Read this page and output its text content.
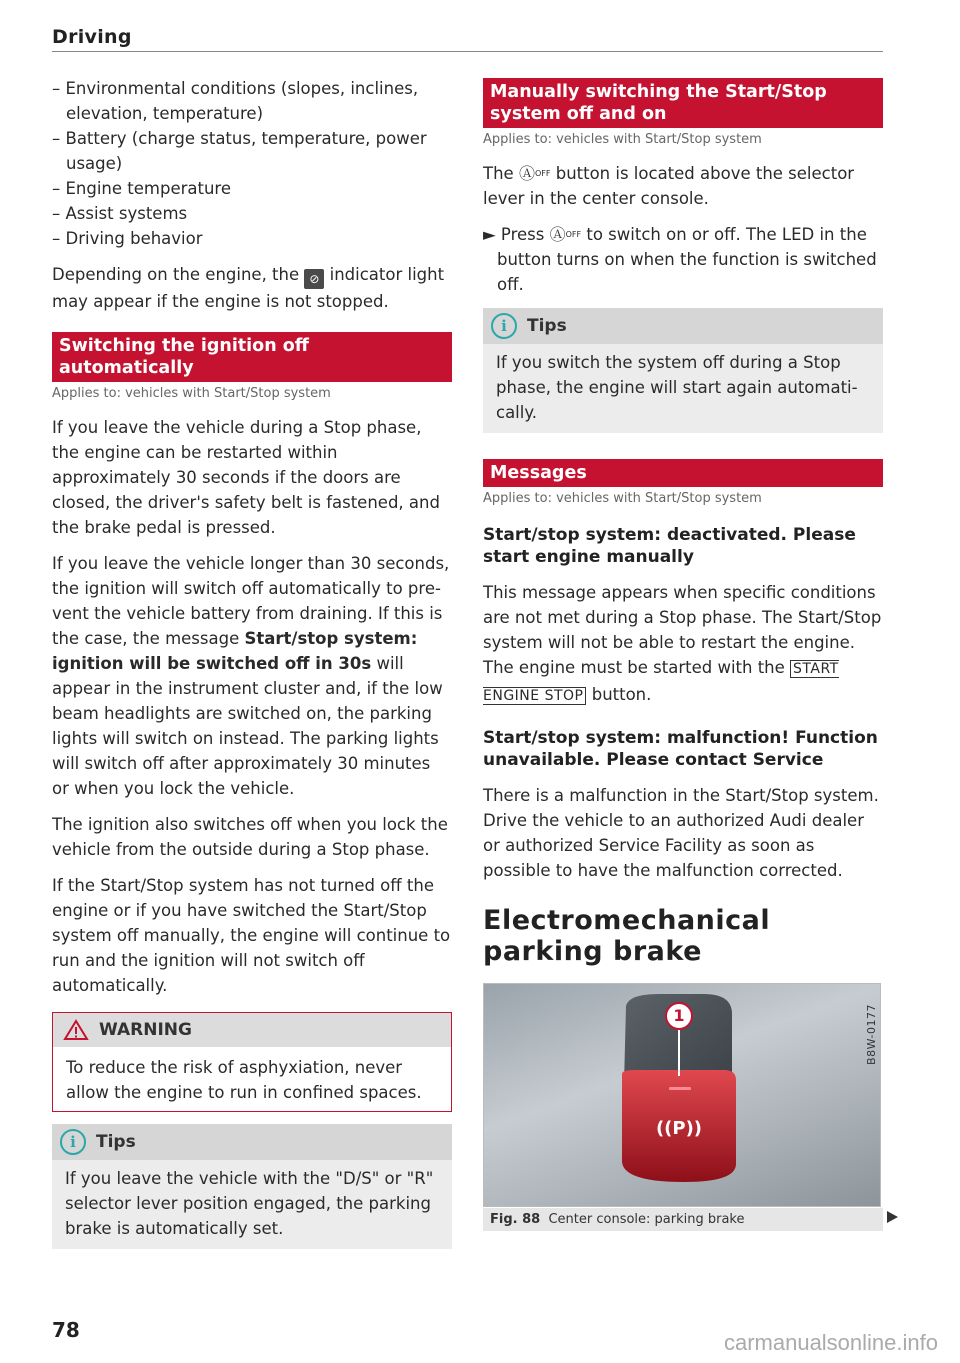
Driving
– Environmental conditions (slopes, inclines, elevation, temperature)
– Battery (charge status, temperature, power usage)
– Engine temperature
– Assist systems
– Driving behavior

Depending on the engine, the ⊘ indicator light may appear if the engine is not stopped.

Switching the ignition off automatically
Applies to: vehicles with Start/Stop system

If you leave the vehicle during a Stop phase, the engine can be restarted within approximately 30 seconds if the doors are closed, the driver's safety belt is fastened, and the brake pedal is pressed.

If you leave the vehicle longer than 30 seconds, the ignition will switch off automatically to prevent the vehicle battery from draining. If this is the case, the message Start/stop system: ignition will be switched off in 30s will appear in the instrument cluster and, if the low beam headlights are switched on, the parking lights will switch on instead. The parking lights will switch off after approximately 30 minutes or when you lock the vehicle.

The ignition also switches off when you lock the vehicle from the outside during a Stop phase.

If the Start/Stop system has not turned off the engine or if you have switched the Start/Stop system off manually, the engine will continue to run and the ignition will not switch off automatically.

WARNING
To reduce the risk of asphyxiation, never allow the engine to run in confined spaces.
i	Tips
If you leave the vehicle with the "D/S" or "R" selector lever position engaged, the parking brake is automatically set.
Manually switching the Start/Stop system off and on
Applies to: vehicles with Start/Stop system

The ⒶOFF button is located above the selector lever in the center console.

► Press ⒶOFF to switch on or off. The LED in the button turns on when the function is switched off.
i	Tips
If you switch the system off during a Stop phase, the engine will start again automatically.
Messages
Applies to: vehicles with Start/Stop system
Start/stop system: deactivated. Please start engine manually

This message appears when specific conditions are not met during a Stop phase. The Start/Stop system will not be able to restart the engine. The engine must be started with the START ENGINE STOP button.

Start/stop system: malfunction! Function unavailable. Please contact Service

There is a malfunction in the Start/Stop system. Drive the vehicle to an authorized Audi dealer or authorized Service Facility as soon as possible to have the malfunction corrected.

Electromechanical parking brake
((P))
1	B8W-0177
Fig. 88 Center console: parking brake
78	carmanualsonline.info
